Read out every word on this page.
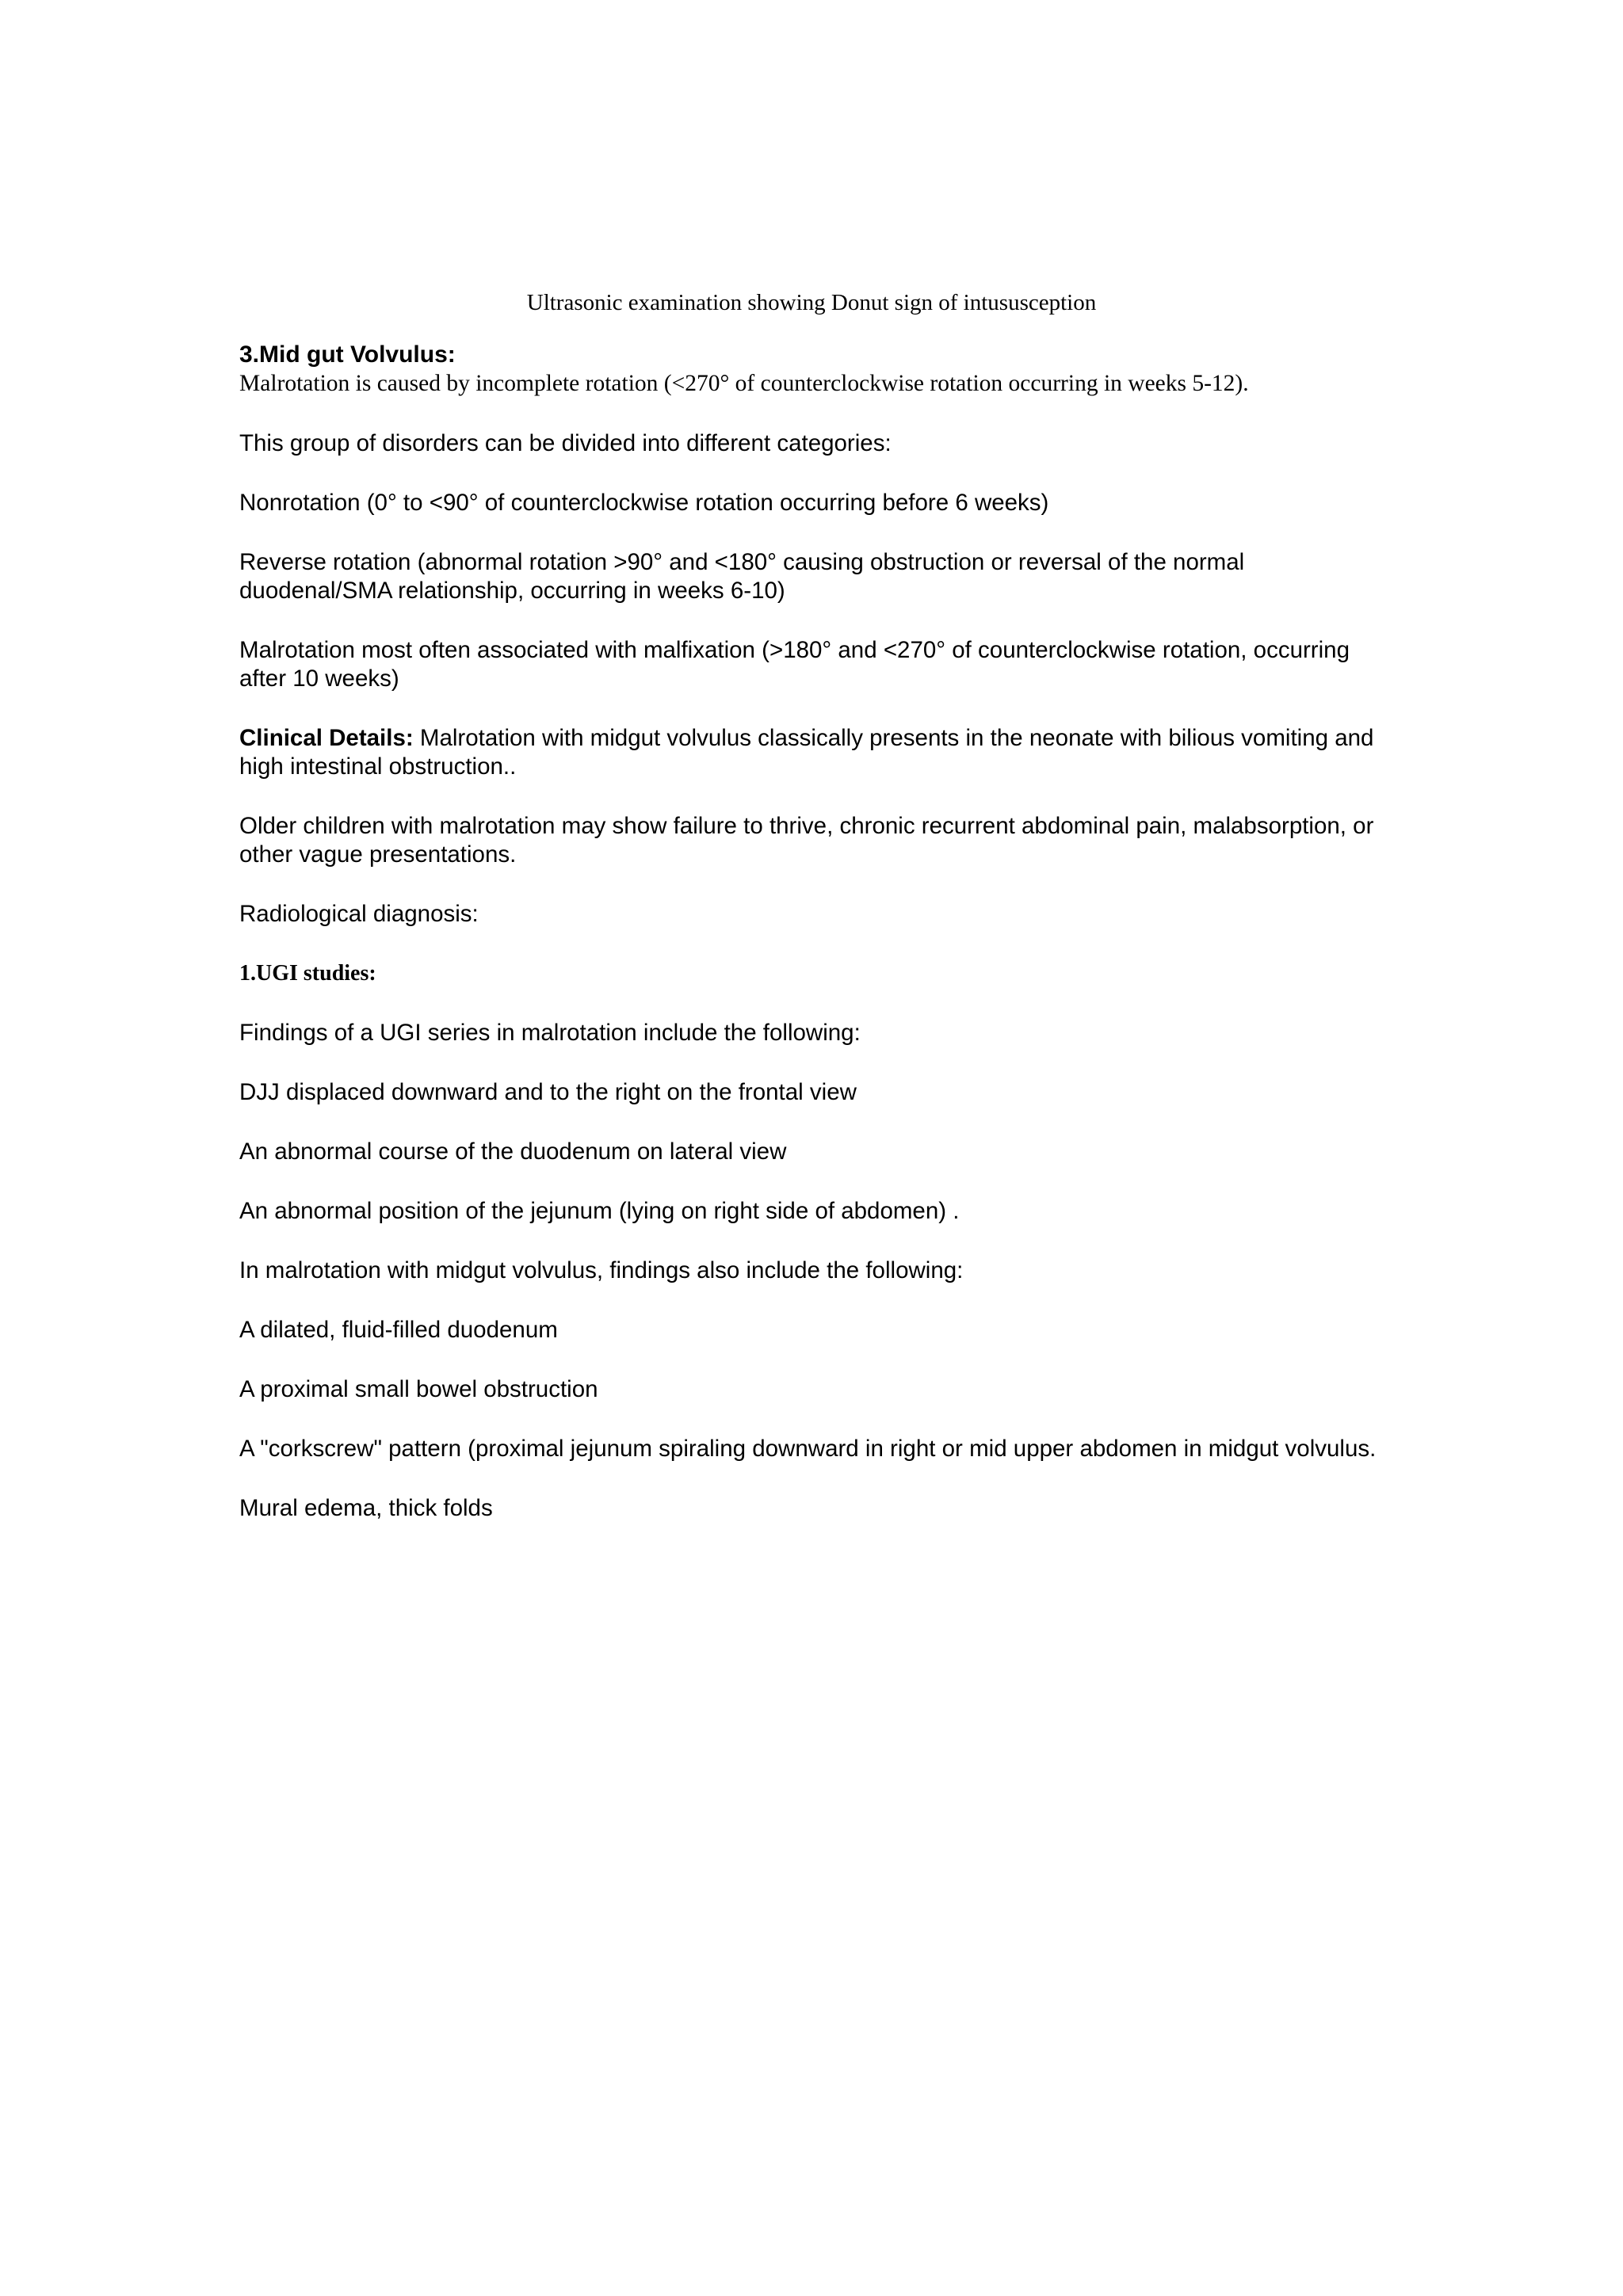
Ultrasonic examination showing Donut sign of intususception

3.Mid gut Volvulus:

Malrotation is caused by incomplete rotation (<270° of counterclockwise rotation occurring in weeks 5-12).

This group of disorders can be divided into different categories:

Nonrotation (0° to <90° of counterclockwise rotation occurring before 6 weeks)

Reverse rotation (abnormal rotation >90° and <180° causing obstruction or reversal of the normal duodenal/SMA relationship, occurring in weeks 6-10)

Malrotation most often associated with malfixation (>180° and <270° of counterclockwise rotation, occurring after 10 weeks)

Clinical Details: Malrotation with midgut volvulus classically presents in the neonate with bilious vomiting and high intestinal obstruction..

Older children with malrotation may show failure to thrive, chronic recurrent abdominal pain, malabsorption, or other vague presentations.

Radiological diagnosis:

1.UGI studies:

Findings of a UGI series in malrotation include the following:

DJJ displaced downward and to the right on the frontal view

An abnormal course of the duodenum on lateral view

An abnormal position of the jejunum (lying on right side of abdomen) .

In malrotation with midgut volvulus, findings also include the following:

A dilated, fluid-filled duodenum

A proximal small bowel obstruction

A "corkscrew" pattern (proximal jejunum spiraling downward in right or mid upper abdomen in midgut volvulus.

Mural edema, thick folds
